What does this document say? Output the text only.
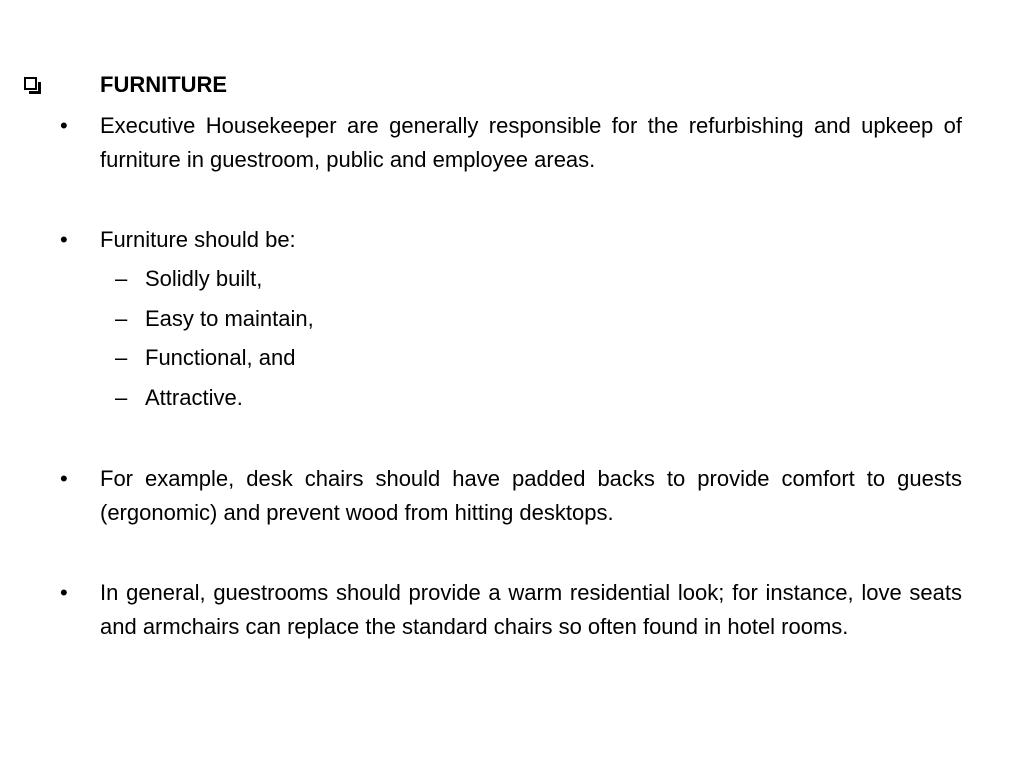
FURNITURE
•	Executive Housekeeper are generally responsible for the refurbishing and upkeep of furniture in guestroom, public and employee areas.
•	Furniture should be:
– Solidly built,
– Easy to maintain,
– Functional, and
– Attractive.
•	For example, desk chairs should have padded backs to provide comfort to guests (ergonomic) and prevent wood from hitting desktops.
•	In general, guestrooms should provide a warm residential look; for instance, love seats and armchairs can replace the standard chairs so often found in hotel rooms.
